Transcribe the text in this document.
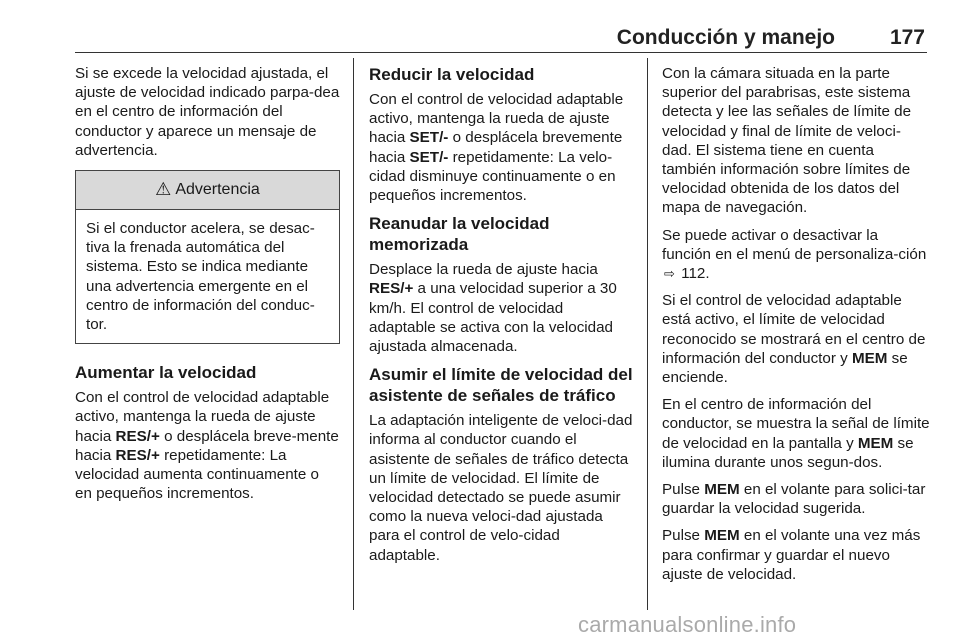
Conducción y manejo	177

Si se excede la velocidad ajustada, el ajuste de velocidad indicado parpa-dea en el centro de información del conductor y aparece un mensaje de advertencia.

⚠ Advertencia
Si el conductor acelera, se desac-tiva la frenada automática del sistema. Esto se indica mediante una advertencia emergente en el centro de información del conduc-tor.
Aumentar la velocidad

Con el control de velocidad adaptable activo, mantenga la rueda de ajuste hacia RES/+ o desplácela breve-mente hacia RES/+ repetidamente: La velocidad aumenta continuamente o en pequeños incrementos.

Reducir la velocidad

Con el control de velocidad adaptable activo, mantenga la rueda de ajuste hacia SET/- o desplácela brevemente hacia SET/- repetidamente: La velo-cidad disminuye continuamente o en pequeños incrementos.

Reanudar la velocidad memorizada

Desplace la rueda de ajuste hacia RES/+ a una velocidad superior a 30 km/h. El control de velocidad adaptable se activa con la velocidad ajustada almacenada.

Asumir el límite de velocidad del asistente de señales de tráfico

La adaptación inteligente de veloci-dad informa al conductor cuando el asistente de señales de tráfico detecta un límite de velocidad. El límite de velocidad detectado se puede asumir como la nueva veloci-dad ajustada para el control de velo-cidad adaptable.

Con la cámara situada en la parte superior del parabrisas, este sistema detecta y lee las señales de límite de velocidad y final de límite de veloci-dad. El sistema tiene en cuenta también información sobre límites de velocidad obtenida de los datos del mapa de navegación.

Se puede activar o desactivar la función en el menú de personaliza-ción ⇨ 112.

Si el control de velocidad adaptable está activo, el límite de velocidad reconocido se mostrará en el centro de información del conductor y MEM se enciende.

En el centro de información del conductor, se muestra la señal de límite de velocidad en la pantalla y MEM se ilumina durante unos segun-dos.

Pulse MEM en el volante para solici-tar guardar la velocidad sugerida.

Pulse MEM en el volante una vez más para confirmar y guardar el nuevo ajuste de velocidad.

carmanualsonline.info
